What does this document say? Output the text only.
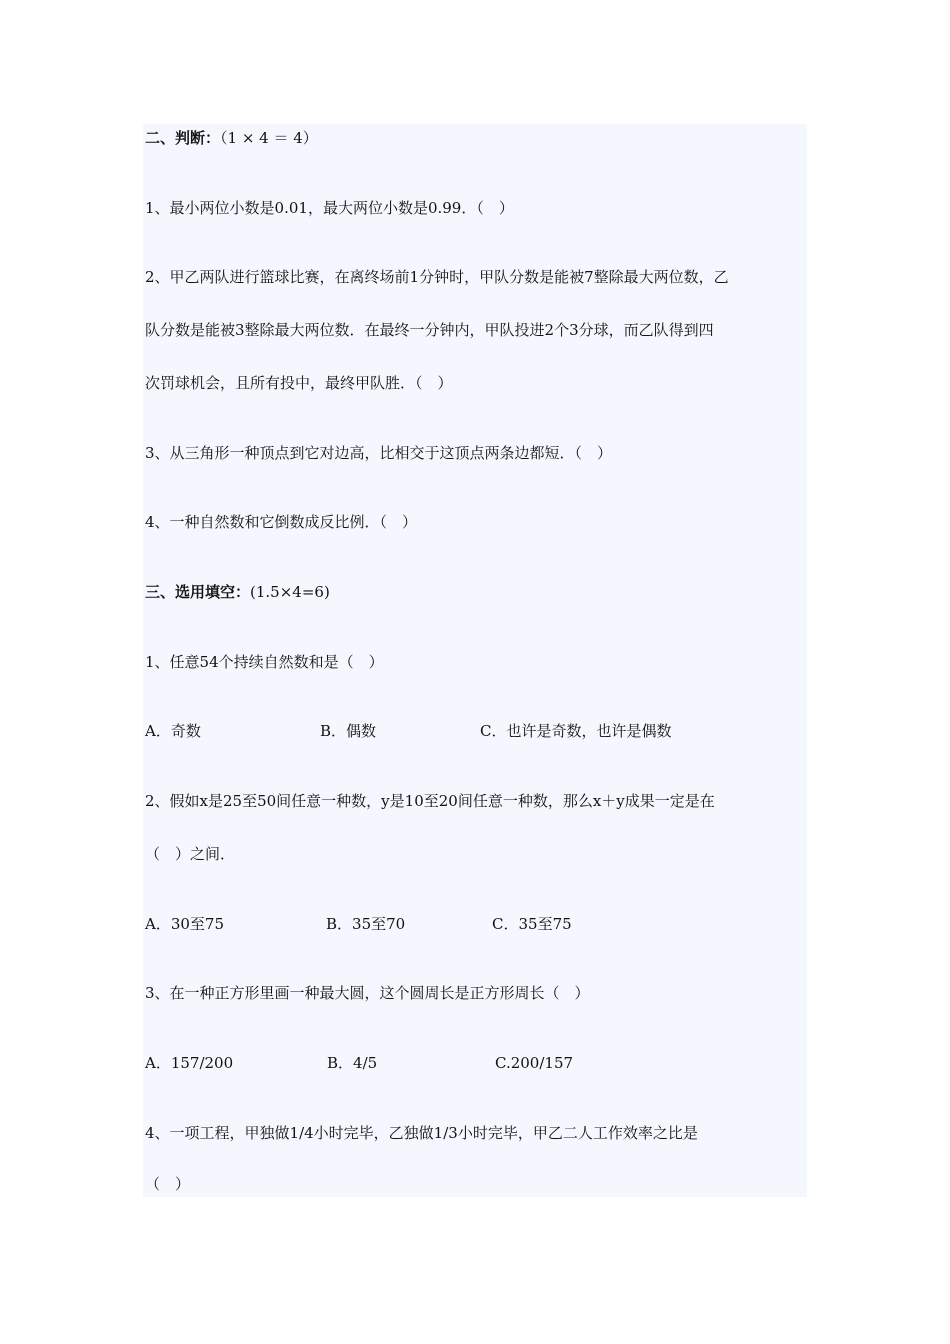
二、判断：（1 × 4 ＝ 4）
1、最小两位小数是0.01，最大两位小数是0.99．（　）
2、甲乙两队进行篮球比赛，在离终场前1分钟时，甲队分数是能被7整除最大两位数，乙
队分数是能被3整除最大两位数．在最终一分钟内，甲队投进2个3分球，而乙队得到四
次罚球机会，且所有投中，最终甲队胜．（　）
3、从三角形一种顶点到它对边高，比相交于这顶点两条边都短．（　）
4、一种自然数和它倒数成反比例．（　）
三、选用填空：(1.5×4=6)
1、任意54个持续自然数和是（　）
A．奇数	B．偶数	C．也许是奇数，也许是偶数
2、假如x是25至50间任意一种数，y是10至20间任意一种数，那么x＋y成果一定是在
（　）之间．
A．30至75	B．35至70	C．35至75
3、在一种正方形里画一种最大圆，这个圆周长是正方形周长（　）
A．157/200	B．4/5	C.200/157
4、一项工程，甲独做1/4小时完毕，乙独做1/3小时完毕，甲乙二人工作效率之比是
（　）
